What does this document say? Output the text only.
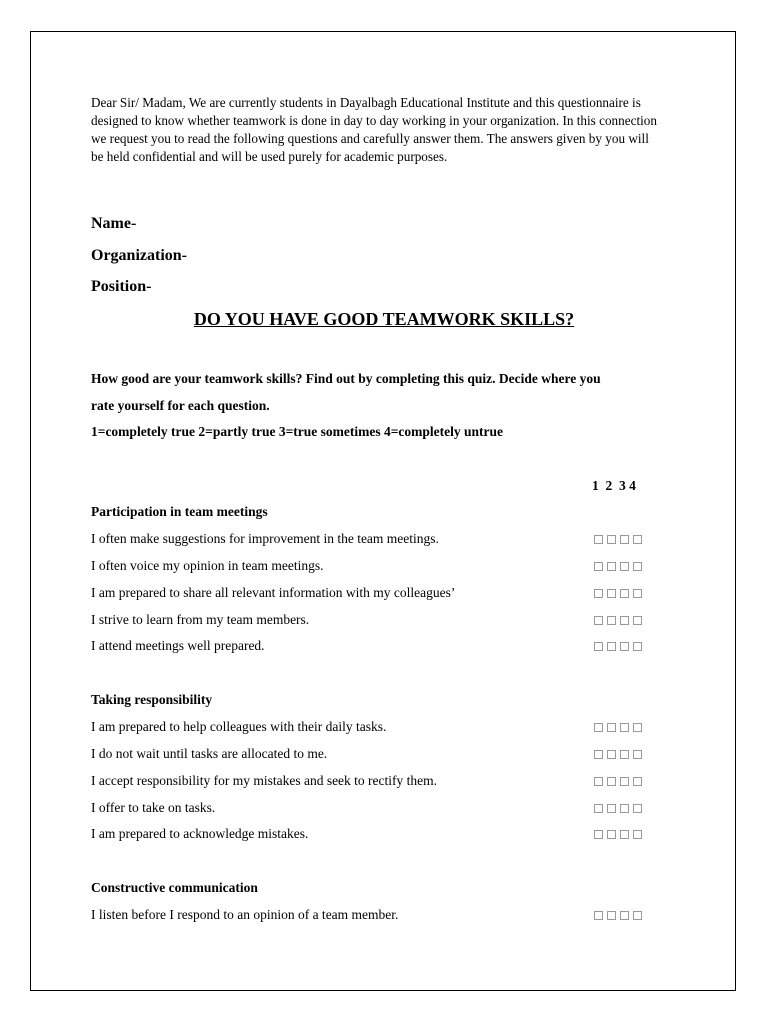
Dear Sir/ Madam, We are currently students in Dayalbagh Educational Institute and this questionnaire is designed to know whether teamwork is done in day to day working in your organization. In this connection we request you to read the following questions and carefully answer them. The answers given by you will be held confidential and will be used purely for academic purposes.
Name-
Organization-
Position-
DO YOU HAVE GOOD TEAMWORK SKILLS?
How good are your teamwork skills? Find out by completing this quiz. Decide where you
rate yourself for each question.
1=completely true 2=partly true 3=true sometimes 4=completely untrue
1  2  3 4
Participation in team meetings
I often make suggestions for improvement in the team meetings.
I often voice my opinion in team meetings.
I am prepared to share all relevant information with my colleagues’
I strive to learn from my team members.
I attend meetings well prepared.
Taking responsibility
I am prepared to help colleagues with their daily tasks.
I do not wait until tasks are allocated to me.
I accept responsibility for my mistakes and seek to rectify them.
I offer to take on tasks.
I am prepared to acknowledge mistakes.
Constructive communication
I listen before I respond to an opinion of a team member.
